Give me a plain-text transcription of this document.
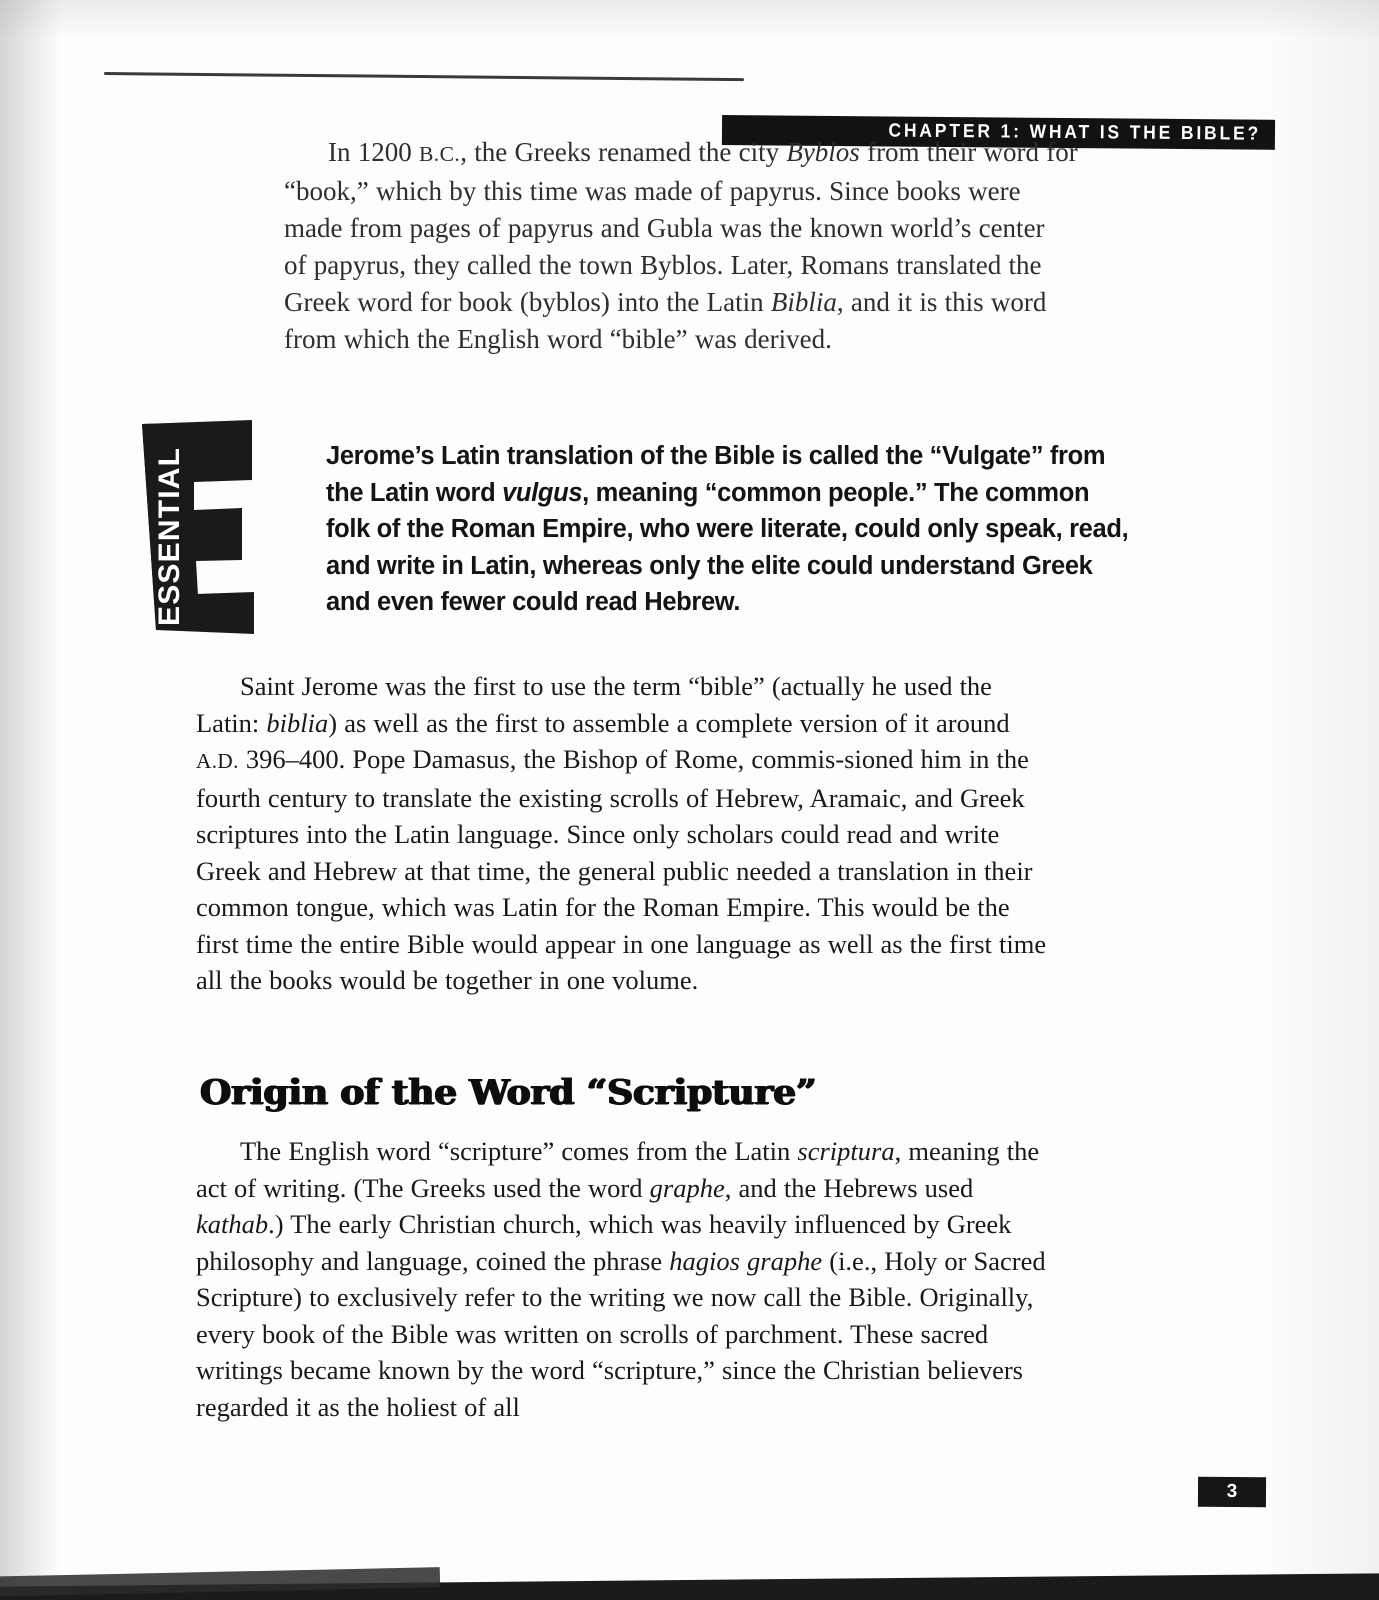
CHAPTER 1: WHAT IS THE BIBLE?

In 1200 B.C., the Greeks renamed the city Byblos from their word for
“book,” which by this time was made of papyrus. Since books were
made from pages of papyrus and Gubla was the known world’s center
of papyrus, they called the town Byblos. Later, Romans translated the
Greek word for book (byblos) into the Latin Biblia, and it is this word
from which the English word “bible” was derived.

ESSENTIAL	Jerome’s Latin translation of the Bible is called the “Vulgate” from the Latin word vulgus, meaning “common people.” The common folk of the Roman Empire, who were literate, could only speak, read, and write in Latin, whereas only the elite could understand Greek and even fewer could read Hebrew.

Saint Jerome was the first to use the term “bible” (actually he used the Latin: biblia) as well as the first to assemble a complete version of it around A.D. 396–400. Pope Damasus, the Bishop of Rome, commis‑sioned him in the fourth century to translate the existing scrolls of Hebrew, Aramaic, and Greek scriptures into the Latin language. Since only scholars could read and write Greek and Hebrew at that time, the general public needed a translation in their common tongue, which was Latin for the Roman Empire. This would be the first time the entire Bible would appear in one language as well as the first time all the books would be together in one volume.

Origin of the Word “Scripture”

The English word “scripture” comes from the Latin scriptura, meaning the act of writing. (The Greeks used the word graphe, and the Hebrews used kathab.) The early Christian church, which was heavily influenced by Greek philosophy and language, coined the phrase hagios graphe (i.e., Holy or Sacred Scripture) to exclusively refer to the writing we now call the Bible. Originally, every book of the Bible was written on scrolls of parchment. These sacred writings became known by the word “scripture,” since the Christian believers regarded it as the holiest of all

3
